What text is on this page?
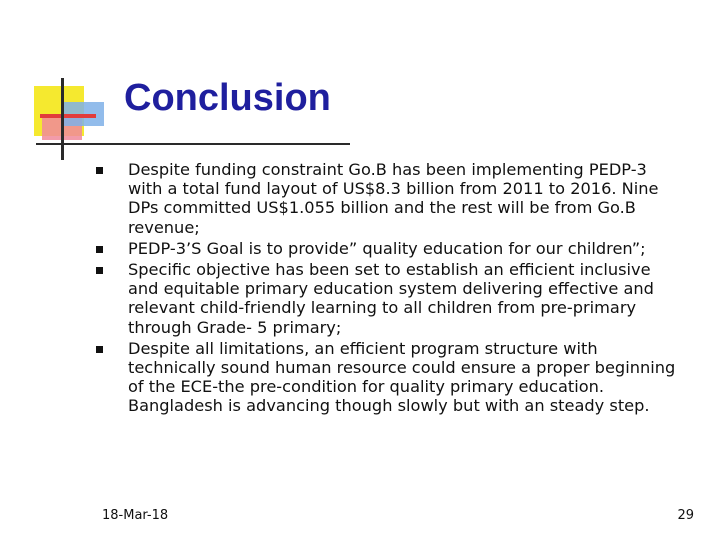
Conclusion
Despite funding constraint Go.B has been implementing PEDP-3 with a total fund layout of US$8.3 billion from 2011 to 2016. Nine DPs committed US$1.055 billion and the rest will be from Go.B revenue;
PEDP-3’S Goal is to provide” quality education for our children”;
Specific objective has been set to establish an efficient inclusive and equitable primary education system delivering effective and relevant child-friendly learning to all children from pre-primary through Grade- 5 primary;
Despite all limitations, an efficient program structure with technically sound human resource could ensure a proper beginning of the ECE-the pre-condition for quality primary education. Bangladesh is advancing though slowly but with an steady step.
18-Mar-18	29
